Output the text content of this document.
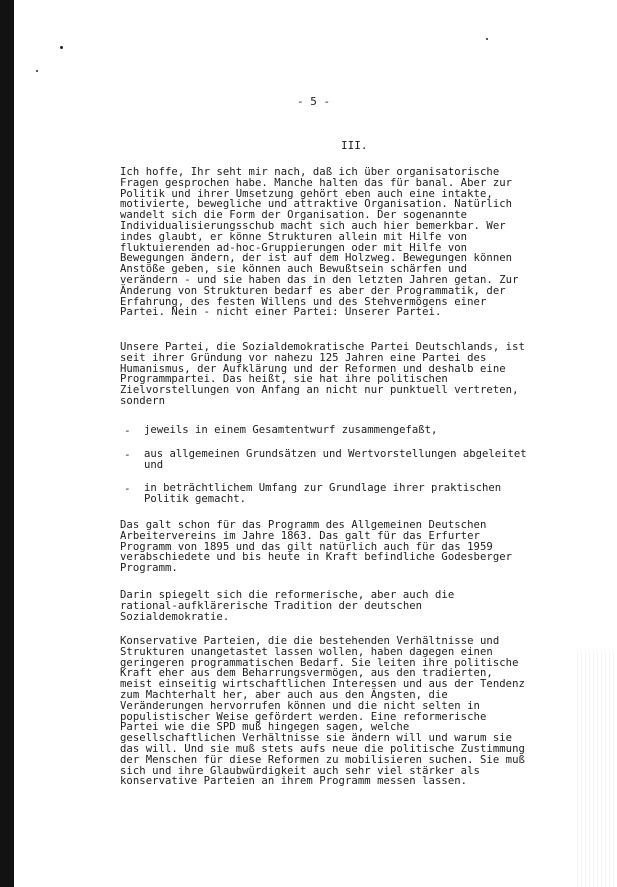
- 5 -
III.
Ich hoffe, Ihr seht mir nach, daß ich über organisatorische
Fragen gesprochen habe. Manche halten das für banal. Aber zur
Politik und ihrer Umsetzung gehört eben auch eine intakte,
motivierte, bewegliche und attraktive Organisation. Natürlich
wandelt sich die Form der Organisation. Der sogenannte
Individualisierungsschub macht sich auch hier bemerkbar. Wer
indes glaubt, er könne Strukturen allein mit Hilfe von
fluktuierenden ad-hoc-Gruppierungen oder mit Hilfe von
Bewegungen ändern, der ist auf dem Holzweg. Bewegungen können
Anstöße geben, sie können auch Bewußtsein schärfen und
verändern - und sie haben das in den letzten Jahren getan. Zur
Änderung von Strukturen bedarf es aber der Programmatik, der
Erfahrung, des festen Willens und des Stehvermögens einer
Partei. Nein - nicht einer Partei: Unserer Partei.
Unsere Partei, die Sozialdemokratische Partei Deutschlands, ist
seit ihrer Gründung vor nahezu 125 Jahren eine Partei des
Humanismus, der Aufklärung und der Reformen und deshalb eine
Programmpartei. Das heißt, sie hat ihre politischen
Zielvorstellungen von Anfang an nicht nur punktuell vertreten,
sondern
- jeweils in einem Gesamtentwurf zusammengefaßt,
- aus allgemeinen Grundsätzen und Wertvorstellungen abgeleitet
und
- in beträchtlichem Umfang zur Grundlage ihrer praktischen
Politik gemacht.
Das galt schon für das Programm des Allgemeinen Deutschen
Arbeitervereins im Jahre 1863. Das galt für das Erfurter
Programm von 1895 und das gilt natürlich auch für das 1959
verabschiedete und bis heute in Kraft befindliche Godesberger
Programm.
Darin spiegelt sich die reformerische, aber auch die
rational-aufklärerische Tradition der deutschen
Sozialdemokratie.
Konservative Parteien, die die bestehenden Verhältnisse und
Strukturen unangetastet lassen wollen, haben dagegen einen
geringeren programmatischen Bedarf. Sie leiten ihre politische
Kraft eher aus dem Beharrungsvermögen, aus den tradierten,
meist einseitig wirtschaftlichen Interessen und aus der Tendenz
zum Machterhalt her, aber auch aus den Ängsten, die
Veränderungen hervorrufen können und die nicht selten in
populistischer Weise gefördert werden. Eine reformerische
Partei wie die SPD muß hingegen sagen, welche
gesellschaftlichen Verhältnisse sie ändern will und warum sie
das will. Und sie muß stets aufs neue die politische Zustimmung
der Menschen für diese Reformen zu mobilisieren suchen. Sie muß
sich und ihre Glaubwürdigkeit auch sehr viel stärker als
konservative Parteien an ihrem Programm messen lassen.
